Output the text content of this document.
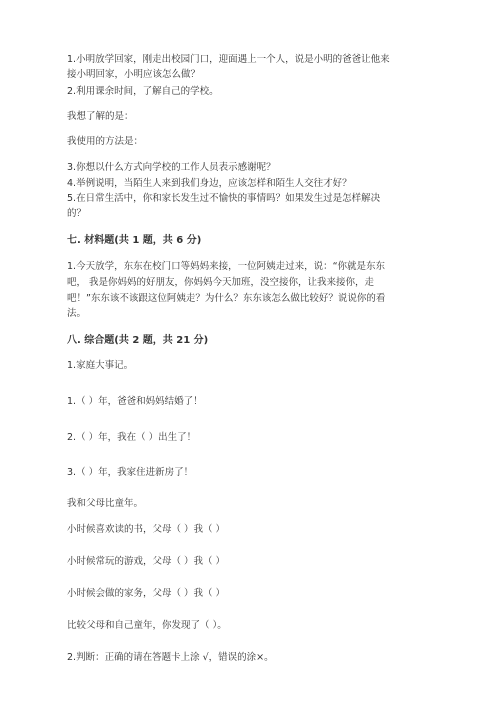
1.小明放学回家，刚走出校园门口，迎面遇上一个人，说是小明的爸爸让他来
接小明回家，小明应该怎么做？
2.利用课余时间，了解自己的学校。
我想了解的是：
我使用的方法是：
3.你想以什么方式向学校的工作人员表示感谢呢？
4.举例说明，当陌生人来到我们身边，应该怎样和陌生人交往才好？
5.在日常生活中，你和家长发生过不愉快的事情吗？如果发生过是怎样解决
的？
七. 材料题(共 1 题，共 6 分)
1.今天放学，东东在校门口等妈妈来接，一位阿姨走过来，说：“你就是东东
吧， 我是你妈妈的好朋友，你妈妈今天加班，没空接你，让我来接你，走
吧！”东东该不该跟这位阿姨走？为什么？东东该怎么做比较好？说说你的看
法。
八. 综合题(共 2 题，共 21 分)
1.家庭大事记。
1.（ ）年，爸爸和妈妈结婚了！
2.（ ）年，我在（ ）出生了！
3.（ ）年，我家住进新房了！
我和父母比童年。
小时候喜欢读的书，父母（ ）我（ ）
小时候常玩的游戏，父母（ ）我（ ）
小时候会做的家务，父母（ ）我（ ）
比较父母和自己童年，你发现了（ ）。
2.判断：正确的请在答题卡上涂 √，错误的涂×。
